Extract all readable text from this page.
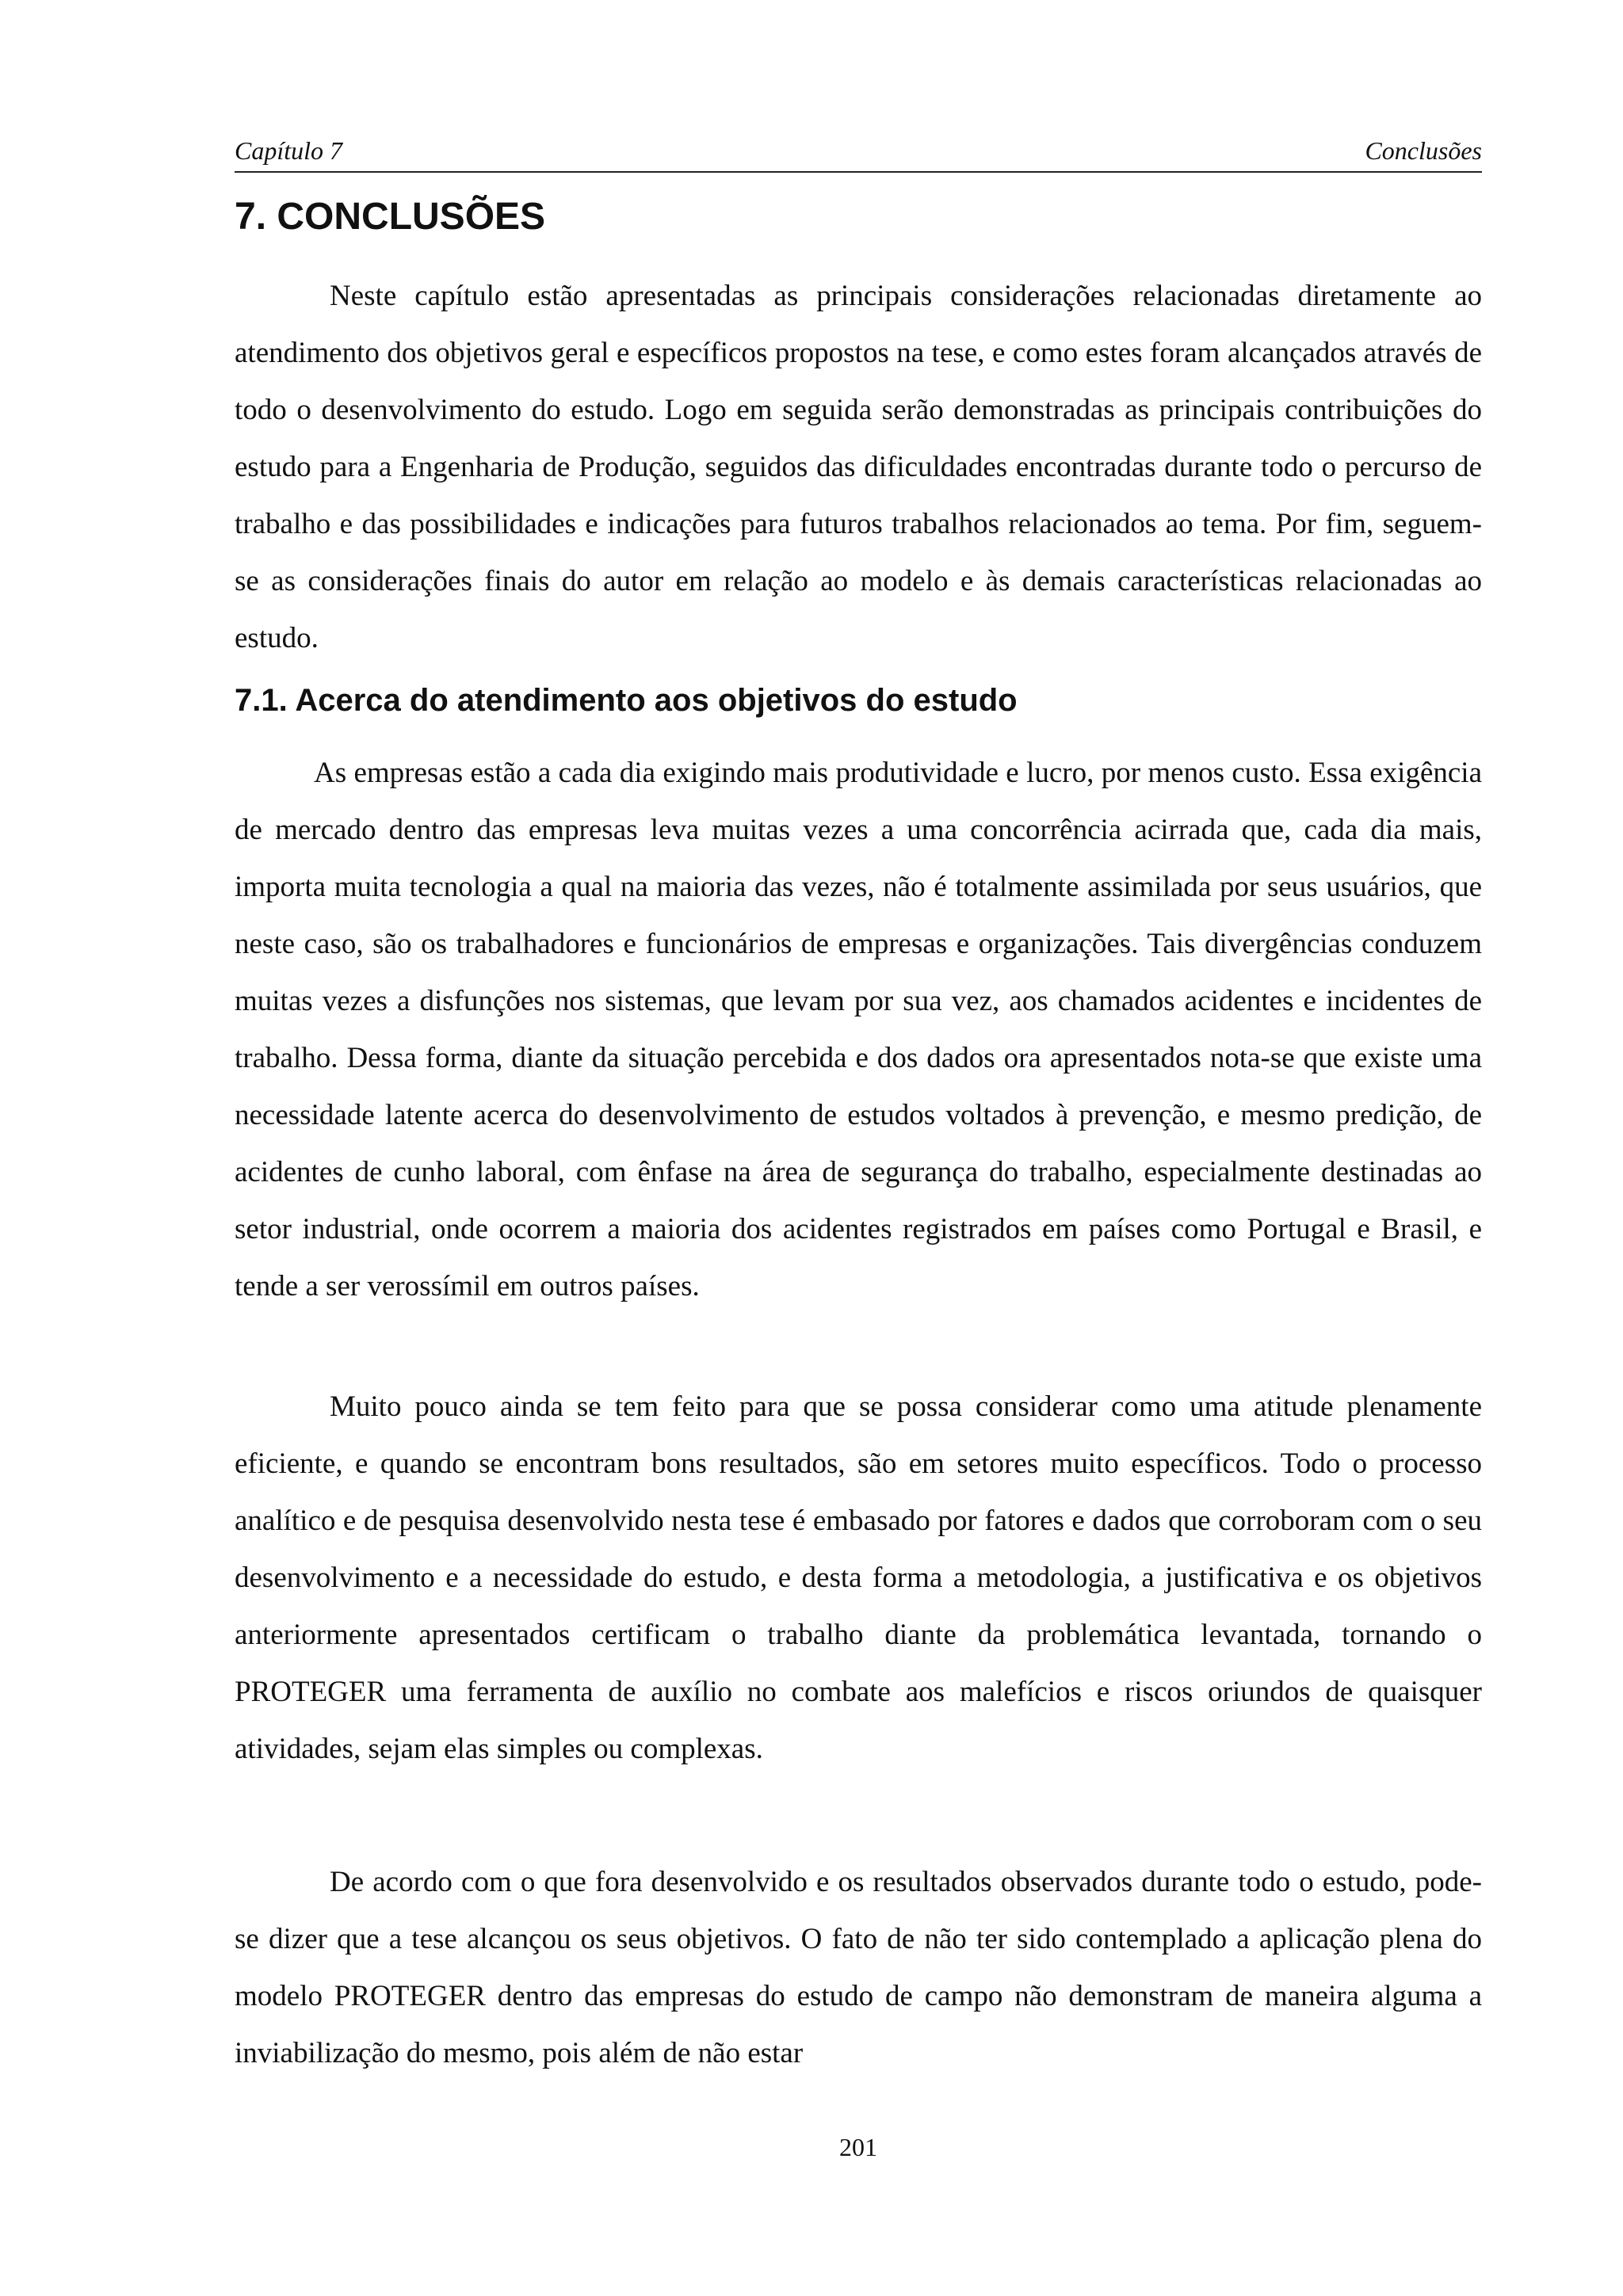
Capítulo 7	Conclusões
7. CONCLUSÕES

Neste capítulo estão apresentadas as principais considerações relacionadas diretamente ao atendimento dos objetivos geral e específicos propostos na tese, e como estes foram alcançados através de todo o desenvolvimento do estudo. Logo em seguida serão demonstradas as principais contribuições do estudo para a Engenharia de Produção, seguidos das dificuldades encontradas durante todo o percurso de trabalho e das possibilidades e indicações para futuros trabalhos relacionados ao tema. Por fim, seguem-se as considerações finais do autor em relação ao modelo e às demais características relacionadas ao estudo.

7.1. Acerca do atendimento aos objetivos do estudo

As empresas estão a cada dia exigindo mais produtividade e lucro, por menos custo. Essa exigência de mercado dentro das empresas leva muitas vezes a uma concorrência acirrada que, cada dia mais, importa muita tecnologia a qual na maioria das vezes, não é totalmente assimilada por seus usuários, que neste caso, são os trabalhadores e funcionários de empresas e organizações. Tais divergências conduzem muitas vezes a disfunções nos sistemas, que levam por sua vez, aos chamados acidentes e incidentes de trabalho. Dessa forma, diante da situação percebida e dos dados ora apresentados nota-se que existe uma necessidade latente acerca do desenvolvimento de estudos voltados à prevenção, e mesmo predição, de acidentes de cunho laboral, com ênfase na área de segurança do trabalho, especialmente destinadas ao setor industrial, onde ocorrem a maioria dos acidentes registrados em países como Portugal e Brasil, e tende a ser verossímil em outros países.

Muito pouco ainda se tem feito para que se possa considerar como uma atitude plenamente eficiente, e quando se encontram bons resultados, são em setores muito específicos. Todo o processo analítico e de pesquisa desenvolvido nesta tese é embasado por fatores e dados que corroboram com o seu desenvolvimento e a necessidade do estudo, e desta forma a metodologia, a justificativa e os objetivos anteriormente apresentados certificam o trabalho diante da problemática levantada, tornando o PROTEGER uma ferramenta de auxílio no combate aos malefícios e riscos oriundos de quaisquer atividades, sejam elas simples ou complexas.

De acordo com o que fora desenvolvido e os resultados observados durante todo o estudo, pode-se dizer que a tese alcançou os seus objetivos. O fato de não ter sido contemplado a aplicação plena do modelo PROTEGER dentro das empresas do estudo de campo não demonstram de maneira alguma a inviabilização do mesmo, pois além de não estar

201
